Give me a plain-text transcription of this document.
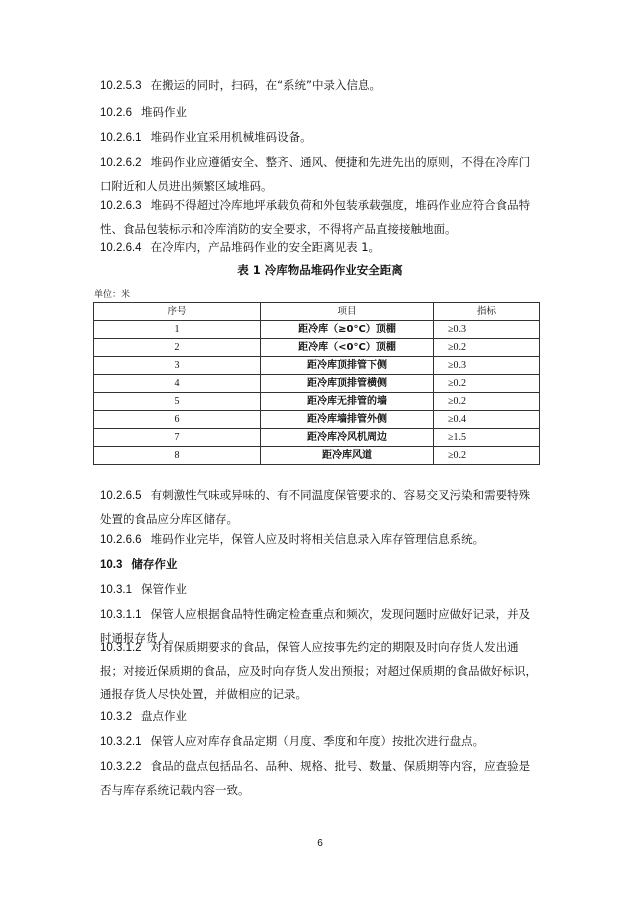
10.2.5.3 在搬运的同时，扫码，在“系统”中录入信息。

10.2.6 堆码作业

10.2.6.1 堆码作业宜采用机械堆码设备。

10.2.6.2 堆码作业应遵循安全、整齐、通风、便捷和先进先出的原则，不得在冷库门口附近和人员进出频繁区域堆码。

10.2.6.3 堆码不得超过冷库地坪承载负荷和外包装承载强度，堆码作业应符合食品特性、食品包装标示和冷库消防的安全要求，不得将产品直接接触地面。

10.2.6.4 在冷库内，产品堆码作业的安全距离见表 1。

表 1 冷库物品堆码作业安全距离
单位：米
序号	项目	指标
1	距冷库（≥0°C）顶棚	≥0.3
2	距冷库（<0°C）顶棚	≥0.2
3	距冷库顶排管下侧	≥0.3
4	距冷库顶排管横侧	≥0.2
5	距冷库无排管的墙	≥0.2
6	距冷库墙排管外侧	≥0.4
7	距冷库冷风机周边	≥1.5
8	距冷库风道	≥0.2

10.2.6.5 有刺激性气味或异味的、有不同温度保管要求的、容易交叉污染和需要特殊处置的食品应分库区储存。

10.2.6.6 堆码作业完毕，保管人应及时将相关信息录入库存管理信息系统。

10.3 储存作业

10.3.1 保管作业

10.3.1.1 保管人应根据食品特性确定检查重点和频次，发现问题时应做好记录，并及时通报存货人。

10.3.1.2 对有保质期要求的食品，保管人应按事先约定的期限及时向存货人发出通报；对接近保质期的食品，应及时向存货人发出预报；对超过保质期的食品做好标识，通报存货人尽快处置，并做相应的记录。

10.3.2 盘点作业

10.3.2.1 保管人应对库存食品定期（月度、季度和年度）按批次进行盘点。

10.3.2.2 食品的盘点包括品名、品种、规格、批号、数量、保质期等内容，应查验是否与库存系统记载内容一致。

6
